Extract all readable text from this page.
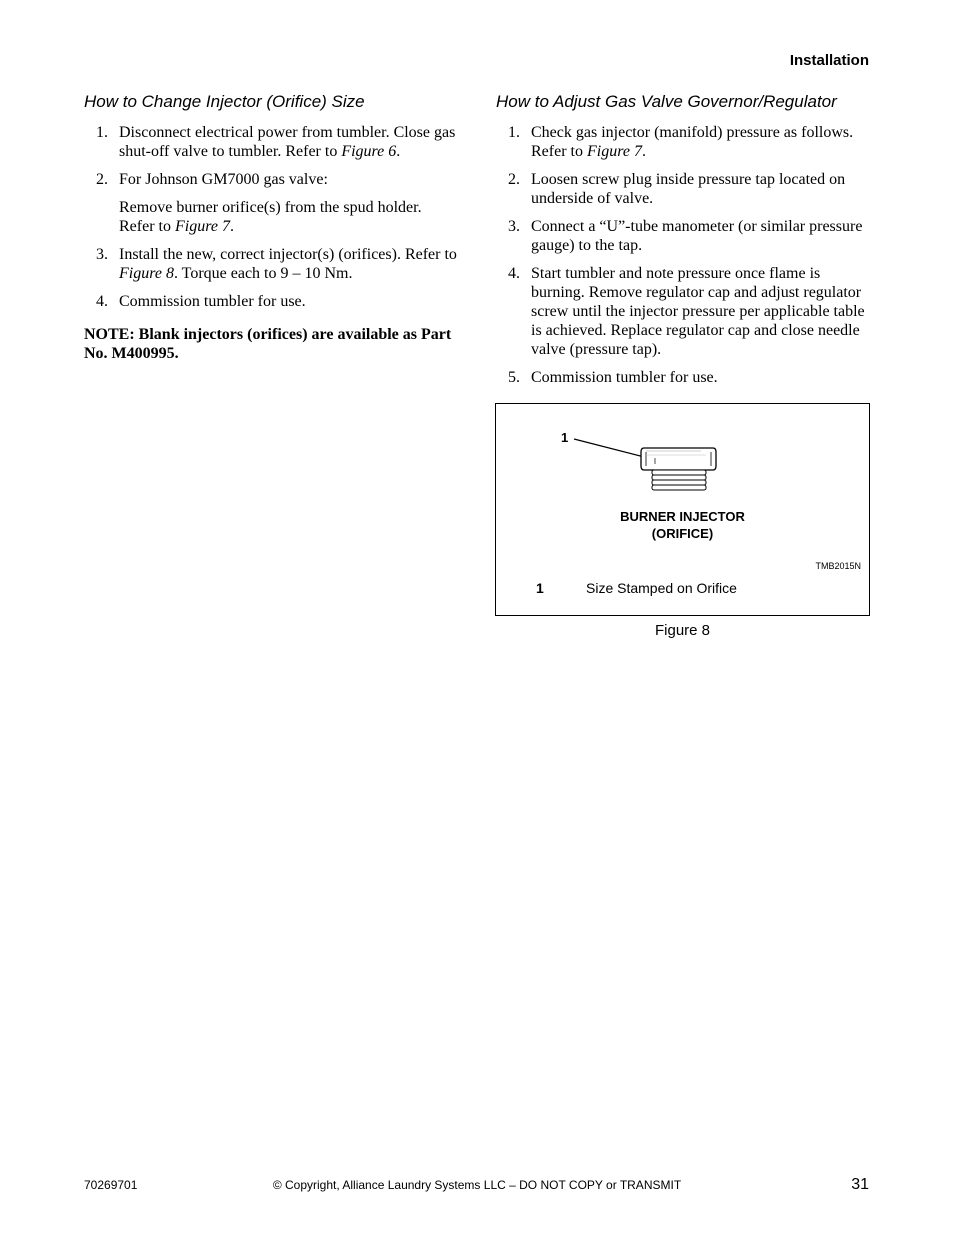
Installation
How to Change Injector (Orifice) Size
1. Disconnect electrical power from tumbler. Close gas shut-off valve to tumbler. Refer to Figure 6.
2. For Johnson GM7000 gas valve:
Remove burner orifice(s) from the spud holder. Refer to Figure 7.
3. Install the new, correct injector(s) (orifices). Refer to Figure 8. Torque each to 9 – 10 Nm.
4. Commission tumbler for use.
NOTE: Blank injectors (orifices) are available as Part No. M400995.
How to Adjust Gas Valve Governor/Regulator
1. Check gas injector (manifold) pressure as follows. Refer to Figure 7.
2. Loosen screw plug inside pressure tap located on underside of valve.
3. Connect a “U”-tube manometer (or similar pressure gauge) to the tap.
4. Start tumbler and note pressure once flame is burning. Remove regulator cap and adjust regulator screw until the injector pressure per applicable table is achieved. Replace regulator cap and close needle valve (pressure tap).
5. Commission tumbler for use.
1
BURNER INJECTOR
(ORIFICE)
TMB2015N
1	Size Stamped on Orifice
Figure 8
70269701	© Copyright, Alliance Laundry Systems LLC – DO NOT COPY or TRANSMIT	31
